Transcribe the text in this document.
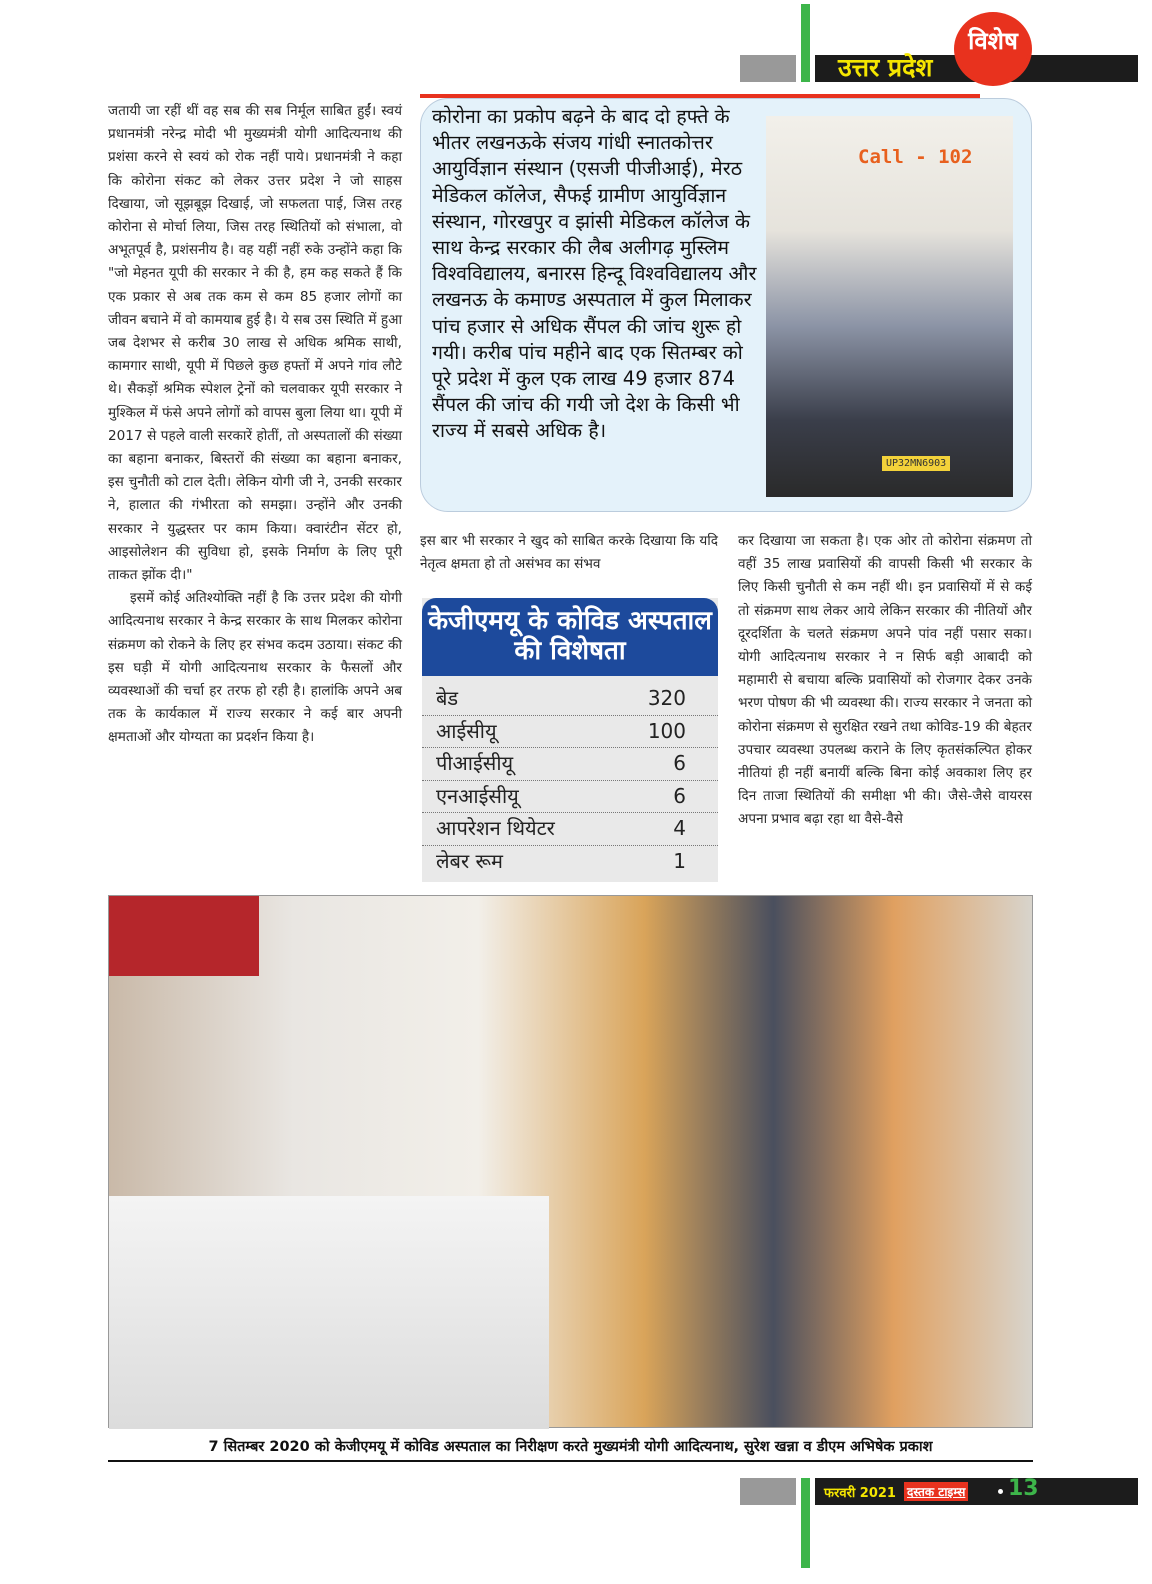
उत्तर प्रदेश
विशेष

जतायी जा रहीं थीं वह सब की सब निर्मूल साबित हुईं। स्वयं प्रधानमंत्री नरेन्द्र मोदी भी मुख्यमंत्री योगी आदित्यनाथ की प्रशंसा करने से स्वयं को रोक नहीं पाये। प्रधानमंत्री ने कहा कि कोरोना संकट को लेकर उत्तर प्रदेश ने जो साहस दिखाया, जो सूझबूझ दिखाई, जो सफलता पाई, जिस तरह कोरोना से मोर्चा लिया, जिस तरह स्थितियों को संभाला, वो अभूतपूर्व है, प्रशंसनीय है। वह यहीं नहीं रुके उन्होंने कहा कि "जो मेहनत यूपी की सरकार ने की है, हम कह सकते हैं कि एक प्रकार से अब तक कम से कम 85 हजार लोगों का जीवन बचाने में वो कामयाब हुई है। ये सब उस स्थिति में हुआ जब देशभर से करीब 30 लाख से अधिक श्रमिक साथी, कामगार साथी, यूपी में पिछले कुछ हफ्तों में अपने गांव लौटे थे। सैकड़ों श्रमिक स्पेशल ट्रेनों को चलवाकर यूपी सरकार ने मुश्किल में फंसे अपने लोगों को वापस बुला लिया था। यूपी में 2017 से पहले वाली सरकारें होतीं, तो अस्पतालों की संख्या का बहाना बनाकर, बिस्तरों की संख्या का बहाना बनाकर, इस चुनौती को टाल देती। लेकिन योगी जी ने, उनकी सरकार ने, हालात की गंभीरता को समझा। उन्होंने और उनकी सरकार ने युद्धस्तर पर काम किया। क्वारंटीन सेंटर हो, आइसोलेशन की सुविधा हो, इसके निर्माण के लिए पूरी ताकत झोंक दी।"

इसमें कोई अतिश्योक्ति नहीं है कि उत्तर प्रदेश की योगी आदित्यनाथ सरकार ने केन्द्र सरकार के साथ मिलकर कोरोना संक्रमण को रोकने के लिए हर संभव कदम उठाया। संकट की इस घड़ी में योगी आदित्यनाथ सरकार के फैसलों और व्यवस्थाओं की चर्चा हर तरफ हो रही है। हालांकि अपने अब तक के कार्यकाल में राज्य सरकार ने कई बार अपनी क्षमताओं और योग्यता का प्रदर्शन किया है।

कोरोना का प्रकोप बढ़ने के बाद दो हफ्ते के भीतर लखनऊके संजय गांधी स्नातकोत्तर आयुर्विज्ञान संस्थान (एसजी पीजीआई), मेरठ मेडिकल कॉलेज, सैफई ग्रामीण आयुर्विज्ञान संस्थान, गोरखपुर व झांसी मेडिकल कॉलेज के साथ केन्द्र सरकार की लैब अलीगढ़ मुस्लिम विश्वविद्यालय, बनारस हिन्दू विश्वविद्यालय और लखनऊ के कमाण्ड अस्पताल में कुल मिलाकर पांच हजार से अधिक सैंपल की जांच शुरू हो गयी। करीब पांच महीने बाद एक सितम्बर को पूरे प्रदेश में कुल एक लाख 49 हजार 874 सैंपल की जांच की गयी जो देश के किसी भी राज्य में सबसे अधिक है।
Call - 102
UP32MN6903
इस बार भी सरकार ने खुद को साबित करके दिखाया कि यदि नेतृत्व क्षमता हो तो असंभव का संभव
केजीएमयू के कोविड अस्पताल की विशेषता
बेड	320
आईसीयू	100
पीआईसीयू	6
एनआईसीयू	6
आपरेशन थियेटर	4
लेबर रूम	1
कर दिखाया जा सकता है। एक ओर तो कोरोना संक्रमण तो वहीं 35 लाख प्रवासियों की वापसी किसी भी सरकार के लिए किसी चुनौती से कम नहीं थी। इन प्रवासियों में से कई तो संक्रमण साथ लेकर आये लेकिन सरकार की नीतियों और दूरदर्शिता के चलते संक्रमण अपने पांव नहीं पसार सका। योगी आदित्यनाथ सरकार ने न सिर्फ बड़ी आबादी को महामारी से बचाया बल्कि प्रवासियों को रोजगार देकर उनके भरण पोषण की भी व्यवस्था की। राज्य सरकार ने जनता को कोरोना संक्रमण से सुरक्षित रखने तथा कोविड-19 की बेहतर उपचार व्यवस्था उपलब्ध कराने के लिए कृतसंकल्पित होकर नीतियां ही नहीं बनायीं बल्कि बिना कोई अवकाश लिए हर दिन ताजा स्थितियों की समीक्षा भी की। जैसे-जैसे वायरस अपना प्रभाव बढ़ा रहा था वैसे-वैसे
7 सितम्बर 2020 को केजीएमयू में कोविड अस्पताल का निरीक्षण करते मुख्यमंत्री योगी आदित्यनाथ, सुरेश खन्ना व डीएम अभिषेक प्रकाश
फरवरी 2021 दस्तक टाइम्स 13
